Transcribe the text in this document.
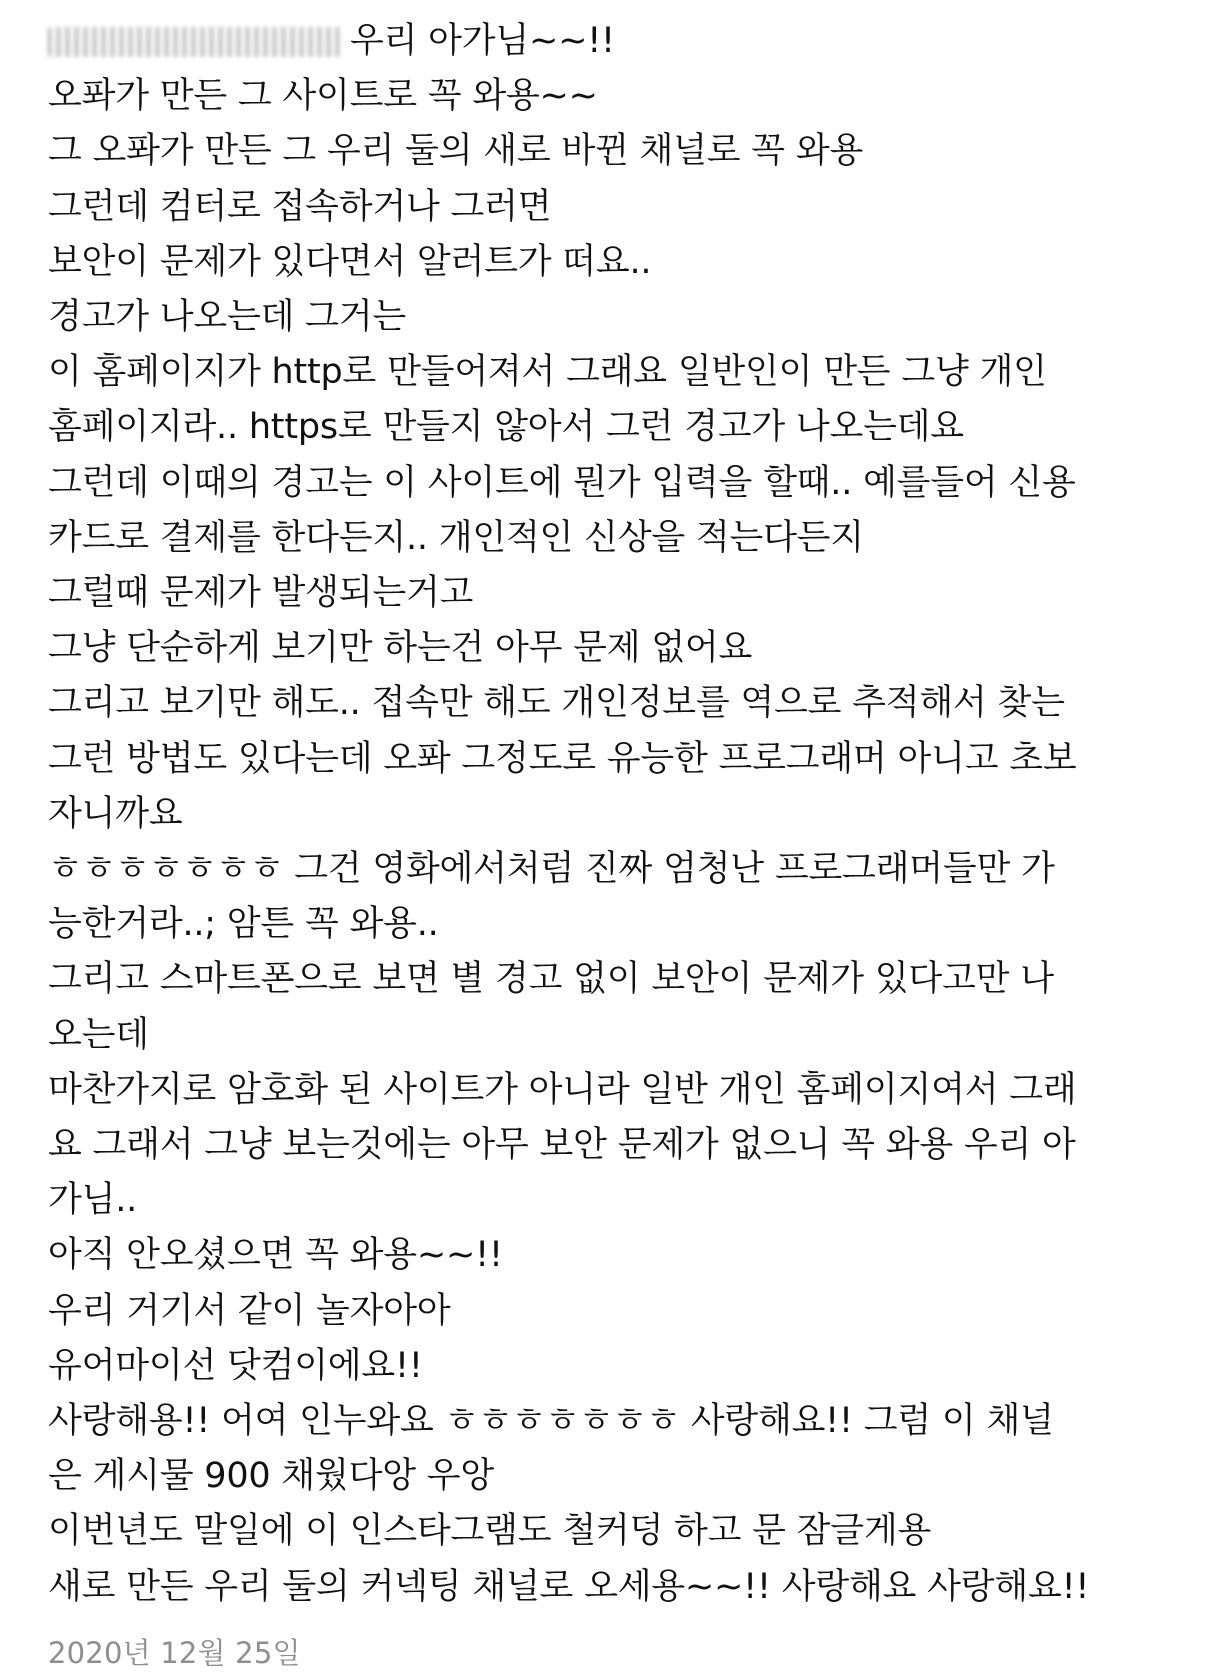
우리 아가님~~!!
오퐈가 만든 그 사이트로 꼭 와용~~
그 오퐈가 만든 그 우리 둘의 새로 바뀐 채널로 꼭 와용
그런데 컴터로 접속하거나 그러면
보안이 문제가 있다면서 알러트가 떠요..
경고가 나오는데 그거는
이 홈페이지가 http로 만들어져서 그래요 일반인이 만든 그냥 개인
홈페이지라.. https로 만들지 않아서 그런 경고가 나오는데요
그런데 이때의 경고는 이 사이트에 뭔가 입력을 할때.. 예를들어 신용
카드로 결제를 한다든지.. 개인적인 신상을 적는다든지
그럴때 문제가 발생되는거고
그냥 단순하게 보기만 하는건 아무 문제 없어요
그리고 보기만 해도.. 접속만 해도 개인정보를 역으로 추적해서 찾는
그런 방법도 있다는데 오퐈 그정도로 유능한 프로그래머 아니고 초보
자니까요
ㅎㅎㅎㅎㅎㅎㅎ 그건 영화에서처럼 진짜 엄청난 프로그래머들만 가
능한거라..; 암튼 꼭 와용..
그리고 스마트폰으로 보면 별 경고 없이 보안이 문제가 있다고만 나
오는데
마찬가지로 암호화 된 사이트가 아니라 일반 개인 홈페이지여서 그래
요 그래서 그냥 보는것에는 아무 보안 문제가 없으니 꼭 와용 우리 아
가님..
아직 안오셨으면 꼭 와용~~!!
우리 거기서 같이 놀자아아
유어마이선 닷컴이에요!!
사랑해용!! 어여 인누와요 ㅎㅎㅎㅎㅎㅎㅎ 사랑해요!! 그럼 이 채널
은 게시물 900 채웠다앙 우앙
이번년도 말일에 이 인스타그램도 철커덩 하고 문 잠글게용
새로 만든 우리 둘의 커넥팅 채널로 오세용~~!! 사랑해요 사랑해요!!
2020년 12월 25일
